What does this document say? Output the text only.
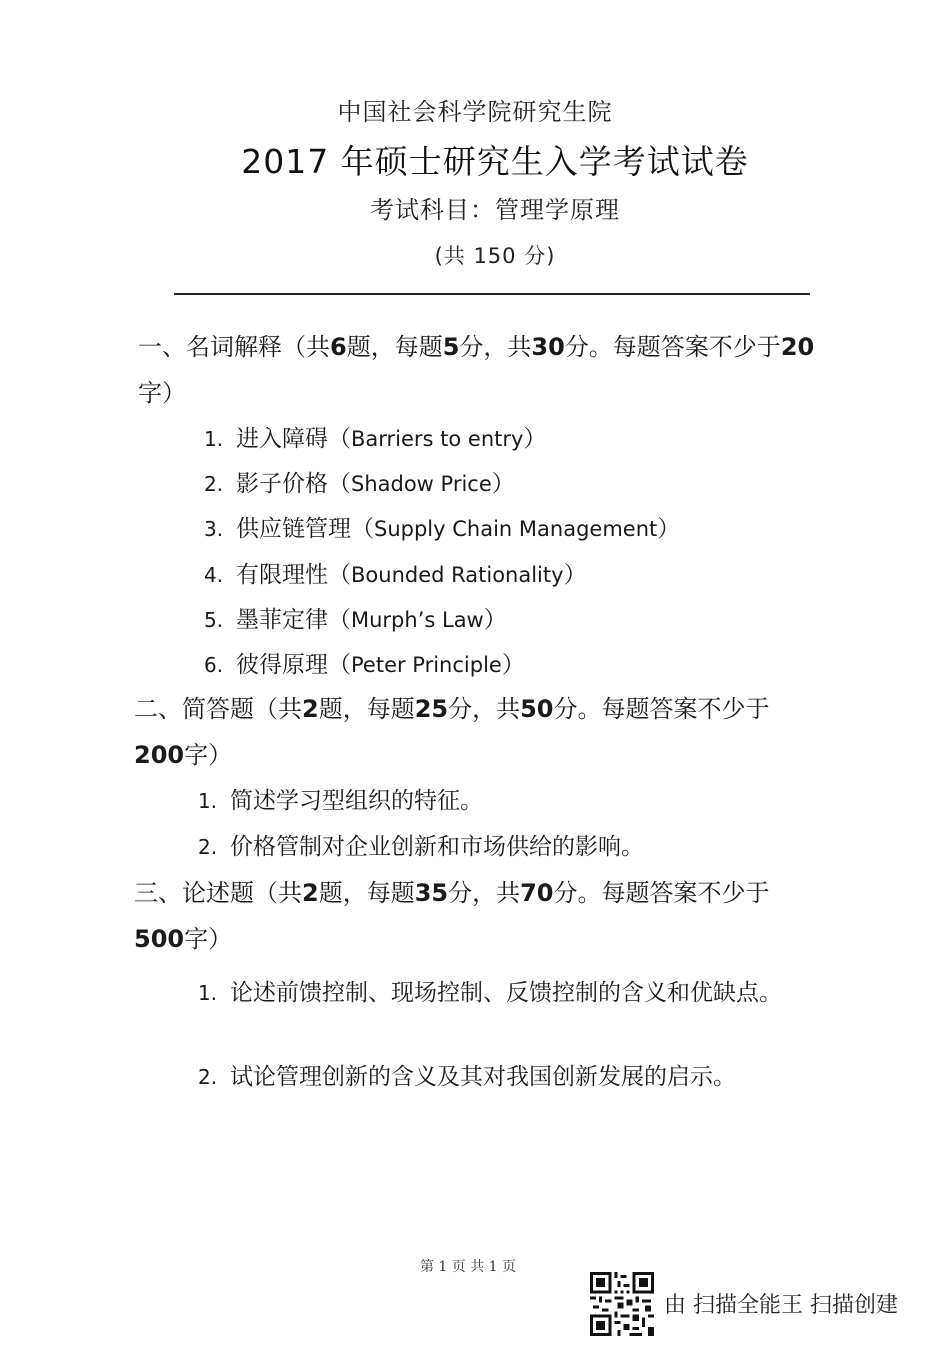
中国社会科学院研究生院
2017 年硕士研究生入学考试试卷
考试科目：管理学原理
(共 150 分)
一、名词解释（共6题，每题5分，共30分。每题答案不少于20字）
1. 进入障碍（Barriers to entry）
2. 影子价格（Shadow Price）
3. 供应链管理（Supply Chain Management）
4. 有限理性（Bounded Rationality）
5. 墨菲定律（Murph’s Law）
6. 彼得原理（Peter Principle）
二、简答题（共2题，每题25分，共50分。每题答案不少于200字）
1. 简述学习型组织的特征。
2. 价格管制对企业创新和市场供给的影响。
三、论述题（共2题，每题35分，共70分。每题答案不少于500字）
1. 论述前馈控制、现场控制、反馈控制的含义和优缺点。
2. 试论管理创新的含义及其对我国创新发展的启示。
第 1 页 共 1 页
由 扫描全能王 扫描创建
